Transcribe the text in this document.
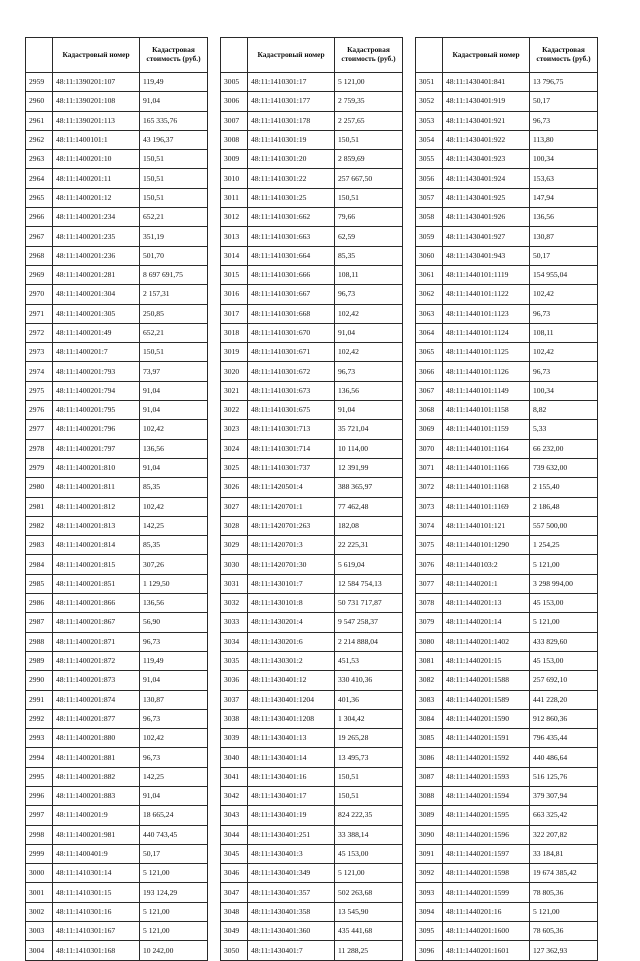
	Кадастровый номер	Кадастровая стоимость (руб.)
2959	48:11:1390201:107	119,49
2960	48:11:1390201:108	91,04
2961	48:11:1390201:113	165 335,76
2962	48:11:1400101:1	43 196,37
2963	48:11:1400201:10	150,51
2964	48:11:1400201:11	150,51
2965	48:11:1400201:12	150,51
2966	48:11:1400201:234	652,21
2967	48:11:1400201:235	351,19
2968	48:11:1400201:236	501,70
2969	48:11:1400201:281	8 697 691,75
2970	48:11:1400201:304	2 157,31
2971	48:11:1400201:305	250,85
2972	48:11:1400201:49	652,21
2973	48:11:1400201:7	150,51
2974	48:11:1400201:793	73,97
2975	48:11:1400201:794	91,04
2976	48:11:1400201:795	91,04
2977	48:11:1400201:796	102,42
2978	48:11:1400201:797	136,56
2979	48:11:1400201:810	91,04
2980	48:11:1400201:811	85,35
2981	48:11:1400201:812	102,42
2982	48:11:1400201:813	142,25
2983	48:11:1400201:814	85,35
2984	48:11:1400201:815	307,26
2985	48:11:1400201:851	1 129,50
2986	48:11:1400201:866	136,56
2987	48:11:1400201:867	56,90
2988	48:11:1400201:871	96,73
2989	48:11:1400201:872	119,49
2990	48:11:1400201:873	91,04
2991	48:11:1400201:874	130,87
2992	48:11:1400201:877	96,73
2993	48:11:1400201:880	102,42
2994	48:11:1400201:881	96,73
2995	48:11:1400201:882	142,25
2996	48:11:1400201:883	91,04
2997	48:11:1400201:9	18 665,24
2998	48:11:1400201:981	440 743,45
2999	48:11:1400401:9	50,17
3000	48:11:1410301:14	5 121,00
3001	48:11:1410301:15	193 124,29
3002	48:11:1410301:16	5 121,00
3003	48:11:1410301:167	5 121,00
3004	48:11:1410301:168	10 242,00
	Кадастровый номер	Кадастровая стоимость (руб.)
3005	48:11:1410301:17	5 121,00
3006	48:11:1410301:177	2 759,35
3007	48:11:1410301:178	2 257,65
3008	48:11:1410301:19	150,51
3009	48:11:1410301:20	2 859,69
3010	48:11:1410301:22	257 667,50
3011	48:11:1410301:25	150,51
3012	48:11:1410301:662	79,66
3013	48:11:1410301:663	62,59
3014	48:11:1410301:664	85,35
3015	48:11:1410301:666	108,11
3016	48:11:1410301:667	96,73
3017	48:11:1410301:668	102,42
3018	48:11:1410301:670	91,04
3019	48:11:1410301:671	102,42
3020	48:11:1410301:672	96,73
3021	48:11:1410301:673	136,56
3022	48:11:1410301:675	91,04
3023	48:11:1410301:713	35 721,04
3024	48:11:1410301:714	10 114,00
3025	48:11:1410301:737	12 391,99
3026	48:11:1420501:4	388 365,97
3027	48:11:1420701:1	77 462,48
3028	48:11:1420701:263	182,08
3029	48:11:1420701:3	22 225,31
3030	48:11:1420701:30	5 619,04
3031	48:11:1430101:7	12 584 754,13
3032	48:11:1430101:8	50 731 717,87
3033	48:11:1430201:4	9 547 258,37
3034	48:11:1430201:6	2 214 888,04
3035	48:11:1430301:2	451,53
3036	48:11:1430401:12	330 410,36
3037	48:11:1430401:1204	401,36
3038	48:11:1430401:1208	1 304,42
3039	48:11:1430401:13	19 265,28
3040	48:11:1430401:14	13 495,73
3041	48:11:1430401:16	150,51
3042	48:11:1430401:17	150,51
3043	48:11:1430401:19	824 222,35
3044	48:11:1430401:251	33 388,14
3045	48:11:1430401:3	45 153,00
3046	48:11:1430401:349	5 121,00
3047	48:11:1430401:357	502 263,68
3048	48:11:1430401:358	13 545,90
3049	48:11:1430401:360	435 441,68
3050	48:11:1430401:7	11 288,25
	Кадастровый номер	Кадастровая стоимость (руб.)
3051	48:11:1430401:841	13 796,75
3052	48:11:1430401:919	50,17
3053	48:11:1430401:921	96,73
3054	48:11:1430401:922	113,80
3055	48:11:1430401:923	100,34
3056	48:11:1430401:924	153,63
3057	48:11:1430401:925	147,94
3058	48:11:1430401:926	136,56
3059	48:11:1430401:927	130,87
3060	48:11:1430401:943	50,17
3061	48:11:1440101:1119	154 955,04
3062	48:11:1440101:1122	102,42
3063	48:11:1440101:1123	96,73
3064	48:11:1440101:1124	108,11
3065	48:11:1440101:1125	102,42
3066	48:11:1440101:1126	96,73
3067	48:11:1440101:1149	100,34
3068	48:11:1440101:1158	8,82
3069	48:11:1440101:1159	5,33
3070	48:11:1440101:1164	66 232,00
3071	48:11:1440101:1166	739 632,00
3072	48:11:1440101:1168	2 155,40
3073	48:11:1440101:1169	2 186,48
3074	48:11:1440101:121	557 500,00
3075	48:11:1440101:1290	1 254,25
3076	48:11:1440103:2	5 121,00
3077	48:11:1440201:1	3 298 994,00
3078	48:11:1440201:13	45 153,00
3079	48:11:1440201:14	5 121,00
3080	48:11:1440201:1402	433 829,60
3081	48:11:1440201:15	45 153,00
3082	48:11:1440201:1588	257 692,10
3083	48:11:1440201:1589	441 228,20
3084	48:11:1440201:1590	912 860,36
3085	48:11:1440201:1591	796 435,44
3086	48:11:1440201:1592	440 486,64
3087	48:11:1440201:1593	516 125,76
3088	48:11:1440201:1594	379 307,94
3089	48:11:1440201:1595	663 325,42
3090	48:11:1440201:1596	322 207,82
3091	48:11:1440201:1597	33 184,81
3092	48:11:1440201:1598	19 674 385,42
3093	48:11:1440201:1599	78 805,36
3094	48:11:1440201:16	5 121,00
3095	48:11:1440201:1600	78 605,36
3096	48:11:1440201:1601	127 362,93
